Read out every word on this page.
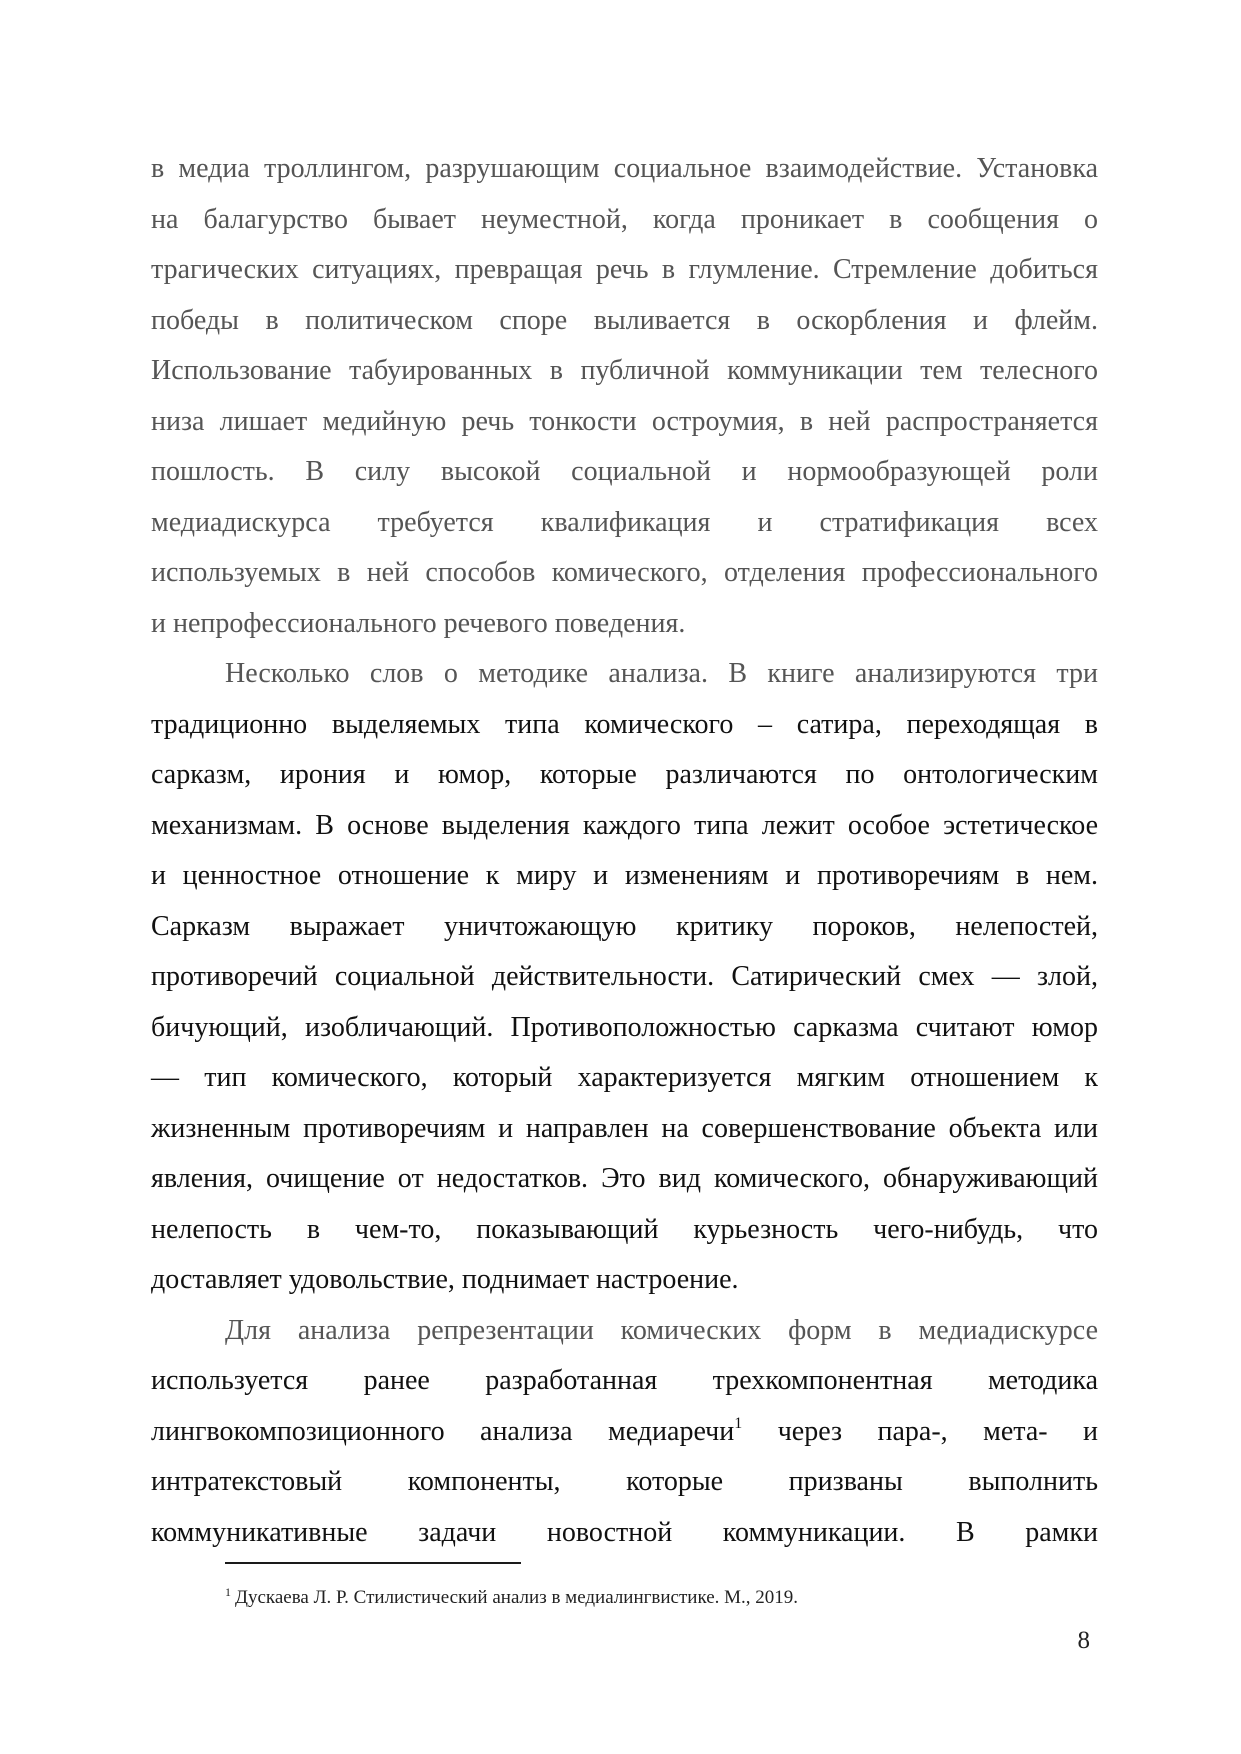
в медиа троллингом, разрушающим социальное взаимодействие. Установка
на балагурство бывает неуместной, когда проникает в сообщения о
трагических ситуациях, превращая речь в глумление. Стремление добиться
победы в политическом споре выливается в оскорбления и флейм.
Использование табуированных в публичной коммуникации тем телесного
низа лишает медийную речь тонкости остроумия, в ней распространяется
пошлость. В силу высокой социальной и нормообразующей роли
медиадискурса требуется квалификация и стратификация всех
используемых в ней способов комического, отделения профессионального
и непрофессионального речевого поведения.
Несколько слов о методике анализа. В книге анализируются три
традиционно выделяемых типа комического – сатира, переходящая в
сарказм, ирония и юмор, которые различаются по онтологическим
механизмам. В основе выделения каждого типа лежит особое эстетическое
и ценностное отношение к миру и изменениям и противоречиям в нем.
Сарказм выражает уничтожающую критику пороков, нелепостей,
противоречий социальной действительности. Сатирический смех — злой,
бичующий, изобличающий. Противоположностью сарказма считают юмор
— тип комического, который характеризуется мягким отношением к
жизненным противоречиям и направлен на совершенствование объекта или
явления, очищение от недостатков. Это вид комического, обнаруживающий
нелепость в чем-то, показывающий курьезность чего-нибудь, что
доставляет удовольствие, поднимает настроение.
Для анализа репрезентации комических форм в медиадискурсе
используется ранее разработанная трехкомпонентная методика
лингвокомпозиционного анализа медиаречи$^1$ через пара-, мета- и
интратекстовый компоненты, которые призваны выполнить
коммуникативные задачи новостной коммуникации. В рамки
$^1$ Дускаева Л. Р. Стилистический анализ в медиалингвистике. М., 2019.
8
